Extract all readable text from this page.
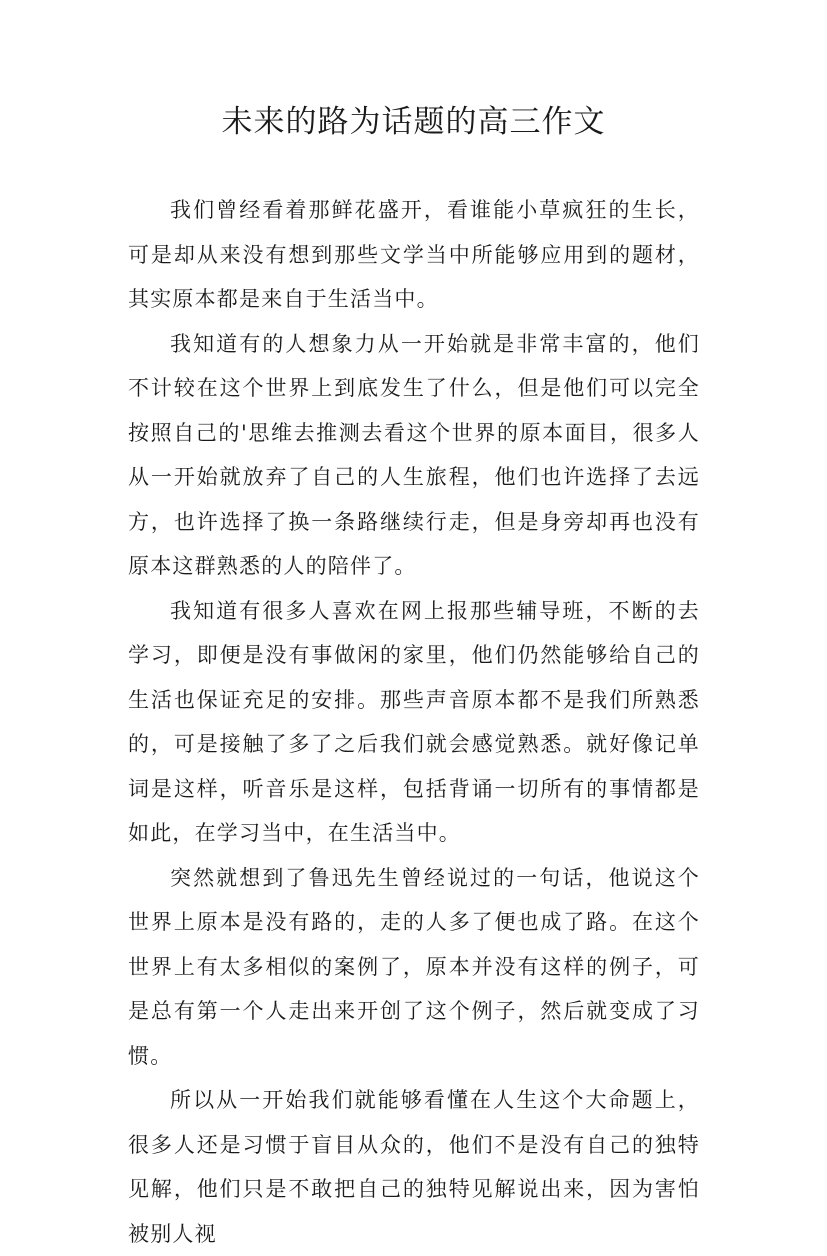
未来的路为话题的高三作文

我们曾经看着那鲜花盛开，看谁能小草疯狂的生长，可是却从来没有想到那些文学当中所能够应用到的题材，其实原本都是来自于生活当中。

我知道有的人想象力从一开始就是非常丰富的，他们不计较在这个世界上到底发生了什么，但是他们可以完全按照自己的'思维去推测去看这个世界的原本面目，很多人从一开始就放弃了自己的人生旅程，他们也许选择了去远方，也许选择了换一条路继续行走，但是身旁却再也没有原本这群熟悉的人的陪伴了。

我知道有很多人喜欢在网上报那些辅导班，不断的去学习，即便是没有事做闲的家里，他们仍然能够给自己的生活也保证充足的安排。那些声音原本都不是我们所熟悉的，可是接触了多了之后我们就会感觉熟悉。就好像记单词是这样，听音乐是这样，包括背诵一切所有的事情都是如此，在学习当中，在生活当中。

突然就想到了鲁迅先生曾经说过的一句话，他说这个世界上原本是没有路的，走的人多了便也成了路。在这个世界上有太多相似的案例了，原本并没有这样的例子，可是总有第一个人走出来开创了这个例子，然后就变成了习惯。

所以从一开始我们就能够看懂在人生这个大命题上，很多人还是习惯于盲目从众的，他们不是没有自己的独特见解，他们只是不敢把自己的独特见解说出来，因为害怕被别人视
